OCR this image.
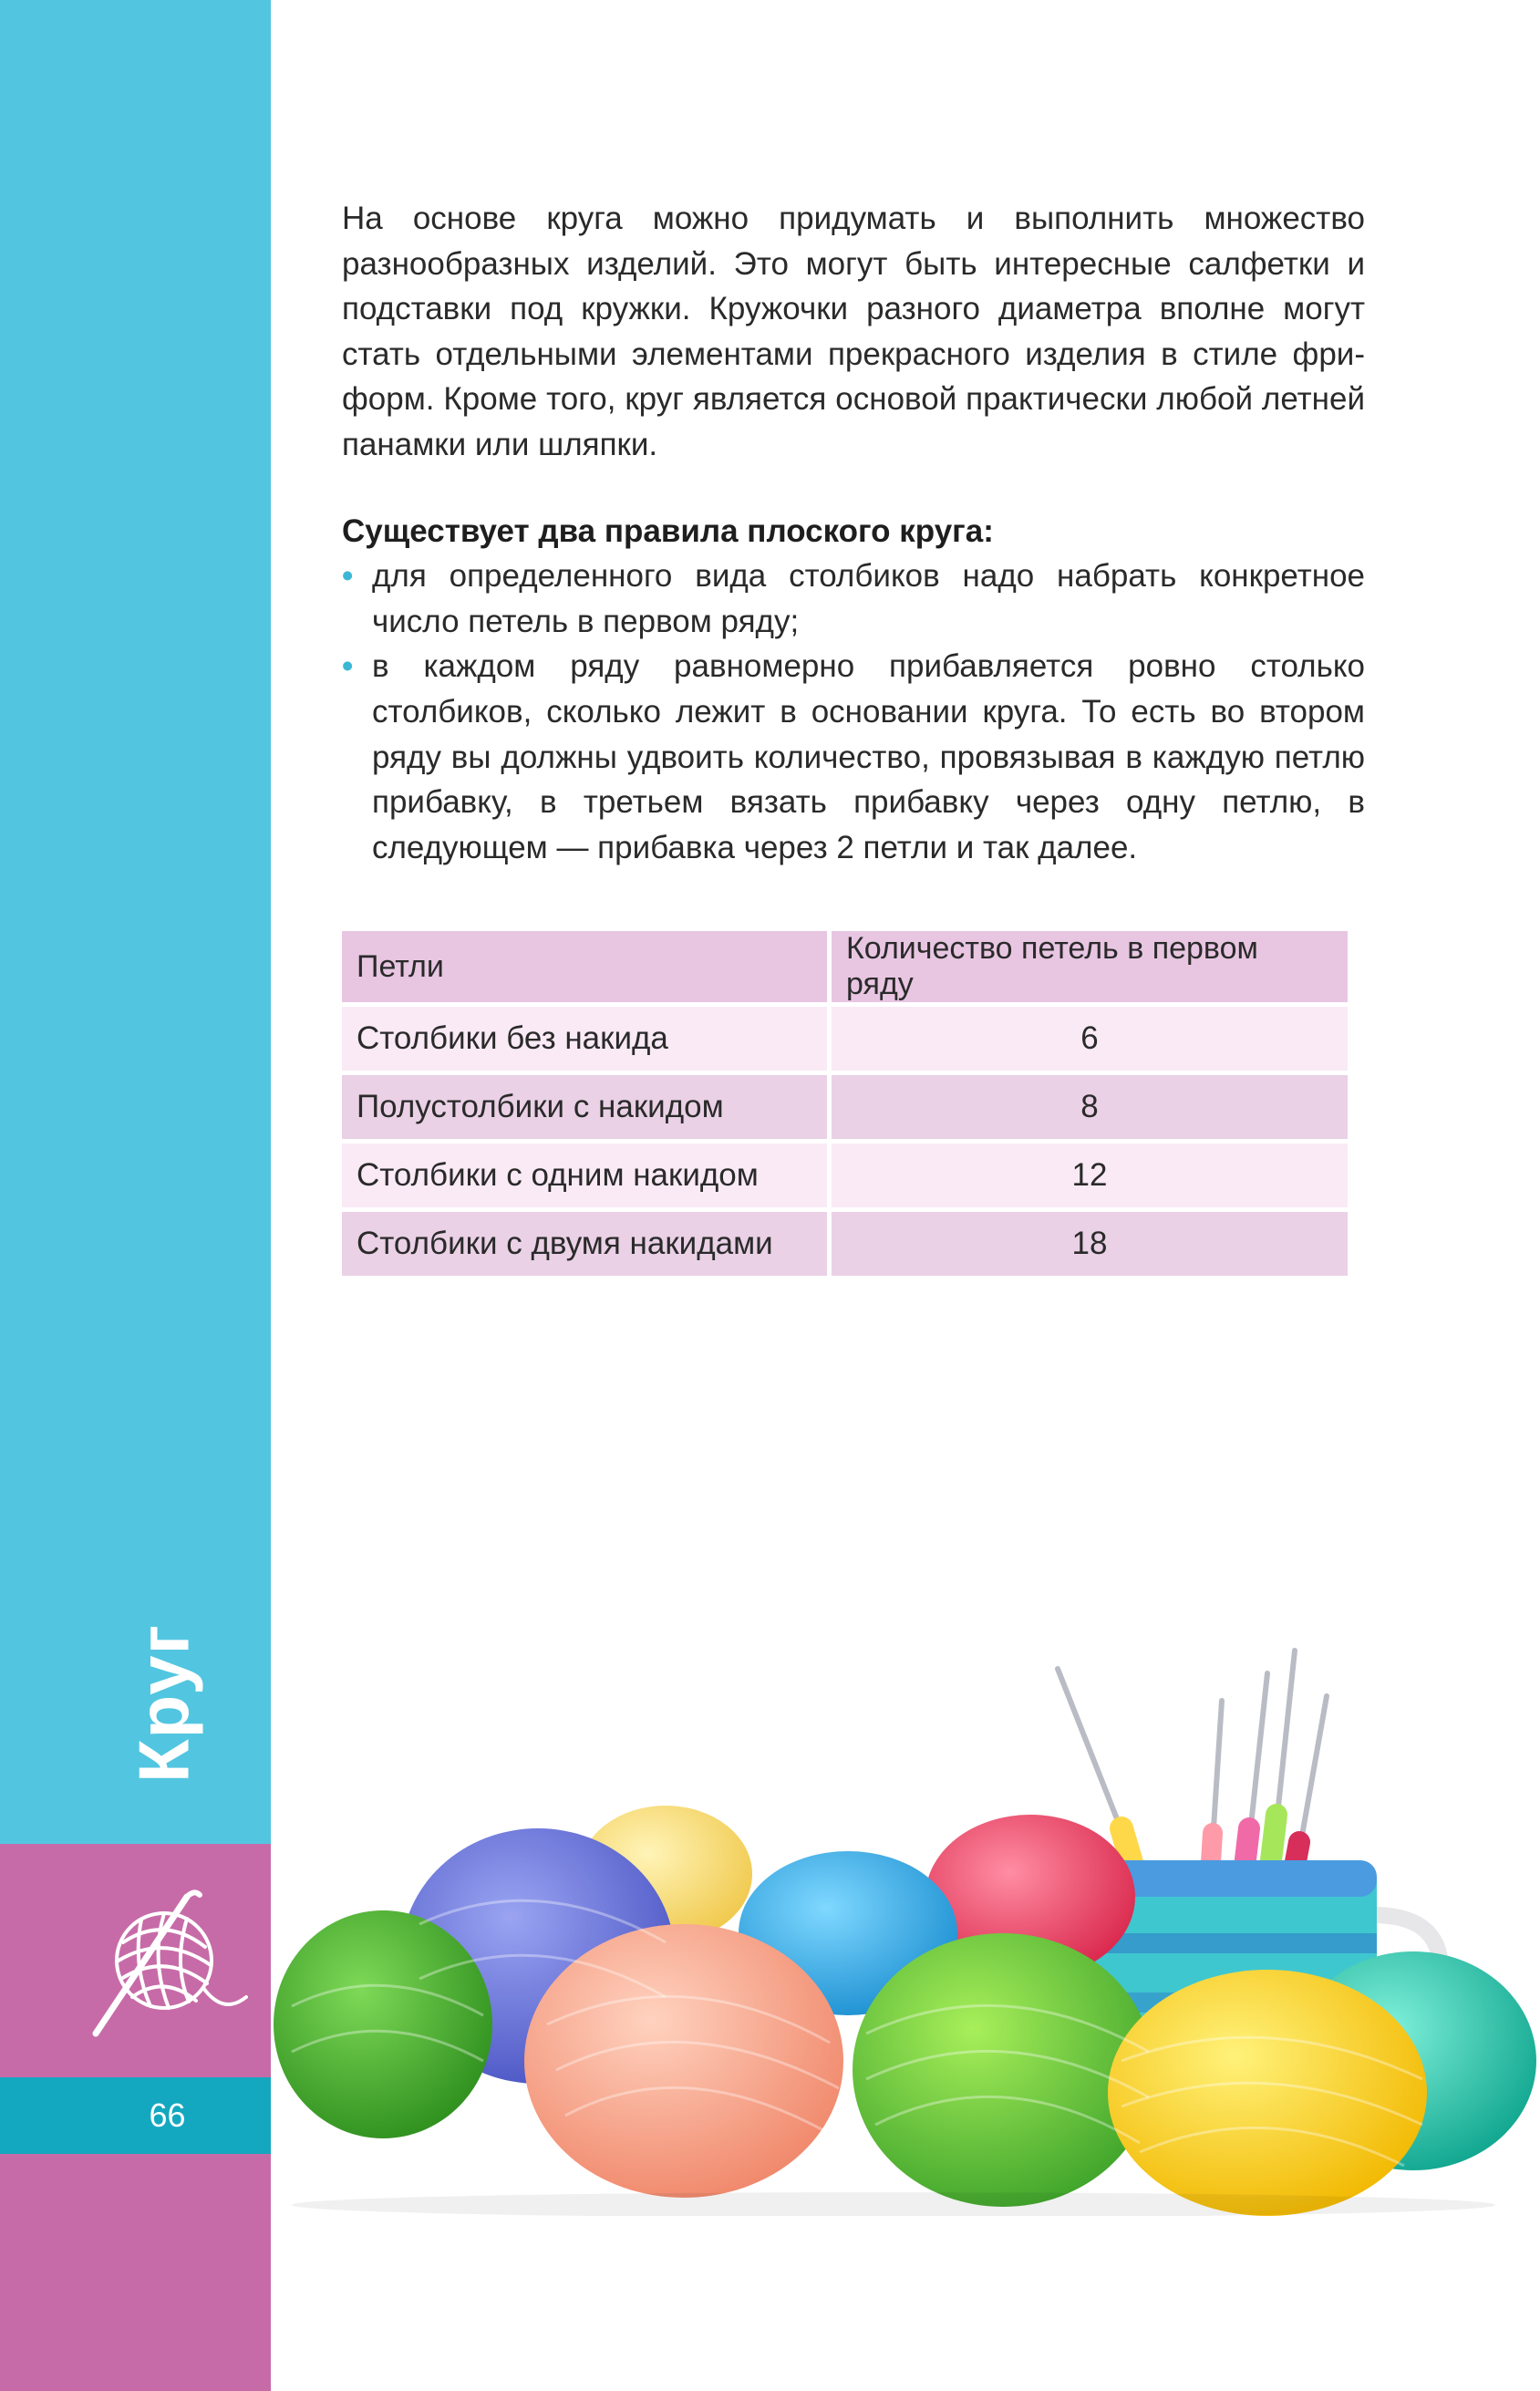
Круг
66

На основе круга можно придумать и выполнить множество разнообразных изделий. Это могут быть интересные салфетки и подставки под кружки. Кружочки разного диаметра вполне могут стать отдельными элементами прекрасного изделия в стиле фри-форм. Кроме того, круг является основой практически любой летней панамки или шляпки.

Существует два правила плоского круга:
• для определенного вида столбиков надо набрать конкретное число петель в первом ряду;
• в каждом ряду равномерно прибавляется ровно столько столбиков, сколько лежит в основании круга. То есть во втором ряду вы должны удвоить количество, провязывая в каждую петлю прибавку, в третьем вязать прибавку через одну петлю, в следующем — прибавка через 2 петли и так далее.
Петли	Количество петель в первом ряду
Столбики без накида	6
Полустолбики с накидом	8
Столбики с одним накидом	12
Столбики с двумя накидами	18
